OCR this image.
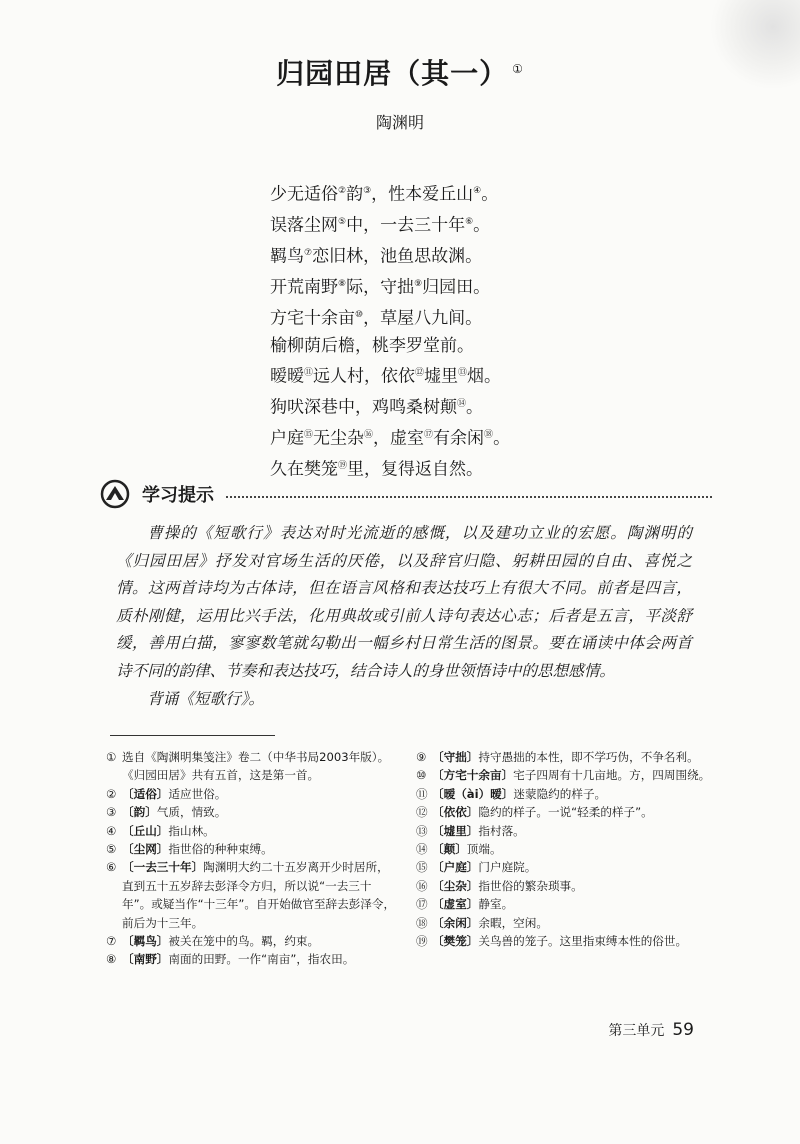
归园田居（其一） ①
陶渊明
少无适俗②韵③，性本爱丘山④。
误落尘网⑤中，一去三十年⑥。
羁鸟⑦恋旧林，池鱼思故渊。
开荒南野⑧际，守拙⑨归园田。
方宅十余亩⑩，草屋八九间。
榆柳荫后檐，桃李罗堂前。
暧暧⑪远人村，依依⑫墟里⑬烟。
狗吠深巷中，鸡鸣桑树颠⑭。
户庭⑮无尘杂⑯，虚室⑰有余闲⑱。
久在樊笼⑲里，复得返自然。
学习提示

曹操的《短歌行》表达对时光流逝的感慨，以及建功立业的宏愿。陶渊明的《归园田居》抒发对官场生活的厌倦，以及辞官归隐、躬耕田园的自由、喜悦之情。这两首诗均为古体诗，但在语言风格和表达技巧上有很大不同。前者是四言，质朴刚健，运用比兴手法，化用典故或引前人诗句表达心志；后者是五言，平淡舒缓，善用白描，寥寥数笔就勾勒出一幅乡村日常生活的图景。要在诵读中体会两首诗不同的韵律、节奏和表达技巧，结合诗人的身世领悟诗中的思想感情。

背诵《短歌行》。

① 选自《陶渊明集笺注》卷二（中华书局2003年版）。《归园田居》共有五首，这是第一首。
② 〔适俗〕适应世俗。
③ 〔韵〕气质，情致。
④ 〔丘山〕指山林。
⑤ 〔尘网〕指世俗的种种束缚。
⑥ 〔一去三十年〕陶渊明大约二十五岁离开少时居所，直到五十五岁辞去彭泽令方归，所以说“一去三十年”。或疑当作“十三年”。自开始做官至辞去彭泽令，前后为十三年。
⑦ 〔羁鸟〕被关在笼中的鸟。羁，约束。
⑧ 〔南野〕南面的田野。一作“南亩”，指农田。
⑨ 〔守拙〕持守愚拙的本性，即不学巧伪，不争名利。
⑩ 〔方宅十余亩〕宅子四周有十几亩地。方，四周围绕。
⑪ 〔暧（ài）暧〕迷蒙隐约的样子。
⑫ 〔依依〕隐约的样子。一说“轻柔的样子”。
⑬ 〔墟里〕指村落。
⑭ 〔颠〕顶端。
⑮ 〔户庭〕门户庭院。
⑯ 〔尘杂〕指世俗的繁杂琐事。
⑰ 〔虚室〕静室。
⑱ 〔余闲〕余暇，空闲。
⑲ 〔樊笼〕关鸟兽的笼子。这里指束缚本性的俗世。
第三单元 59
